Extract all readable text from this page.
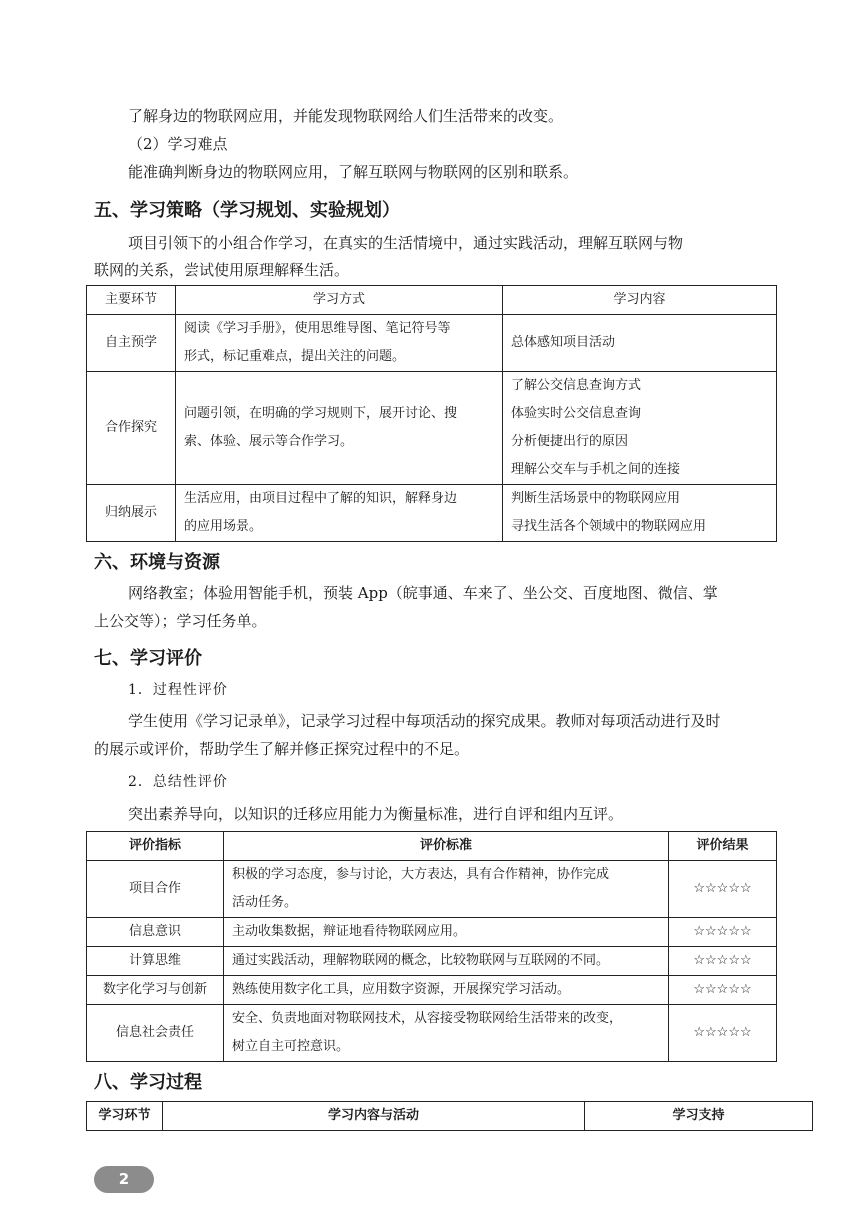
了解身边的物联网应用，并能发现物联网给人们生活带来的改变。
（2）学习难点
能准确判断身边的物联网应用，了解互联网与物联网的区别和联系。
五、学习策略（学习规划、实验规划）
项目引领下的小组合作学习，在真实的生活情境中，通过实践活动，理解互联网与物
联网的关系，尝试使用原理解释生活。
主要环节	学习方式	学习内容
自主预学	阅读《学习手册》，使用思维导图、笔记符号等
形式，标记重难点，提出关注的问题。	总体感知项目活动

合作探究	问题引领，在明确的学习规则下，展开讨论、搜
索、体验、展示等合作学习。	了解公交信息查询方式
体验实时公交信息查询
分析便捷出行的原因
理解公交车与手机之间的连接

归纳展示	生活应用，由项目过程中了解的知识，解释身边
的应用场景。	判断生活场景中的物联网应用
寻找生活各个领域中的物联网应用
六、环境与资源
网络教室；体验用智能手机，预装 App（皖事通、车来了、坐公交、百度地图、微信、掌
上公交等）；学习任务单。
七、学习评价
1．过程性评价
学生使用《学习记录单》，记录学习过程中每项活动的探究成果。教师对每项活动进行及时
的展示或评价，帮助学生了解并修正探究过程中的不足。
2．总结性评价
突出素养导向，以知识的迁移应用能力为衡量标准，进行自评和组内互评。
评价指标	评价标准	评价结果
项目合作	积极的学习态度，参与讨论，大方表达，具有合作精神，协作完成
活动任务。	☆☆☆☆☆
信息意识	主动收集数据，辩证地看待物联网应用。	☆☆☆☆☆
计算思维	通过实践活动，理解物联网的概念，比较物联网与互联网的不同。	☆☆☆☆☆
数字化学习与创新	熟练使用数字化工具，应用数字资源，开展探究学习活动。	☆☆☆☆☆
信息社会责任	安全、负责地面对物联网技术，从容接受物联网给生活带来的改变，
树立自主可控意识。	☆☆☆☆☆
八、学习过程
学习环节	学习内容与活动	学习支持
2
